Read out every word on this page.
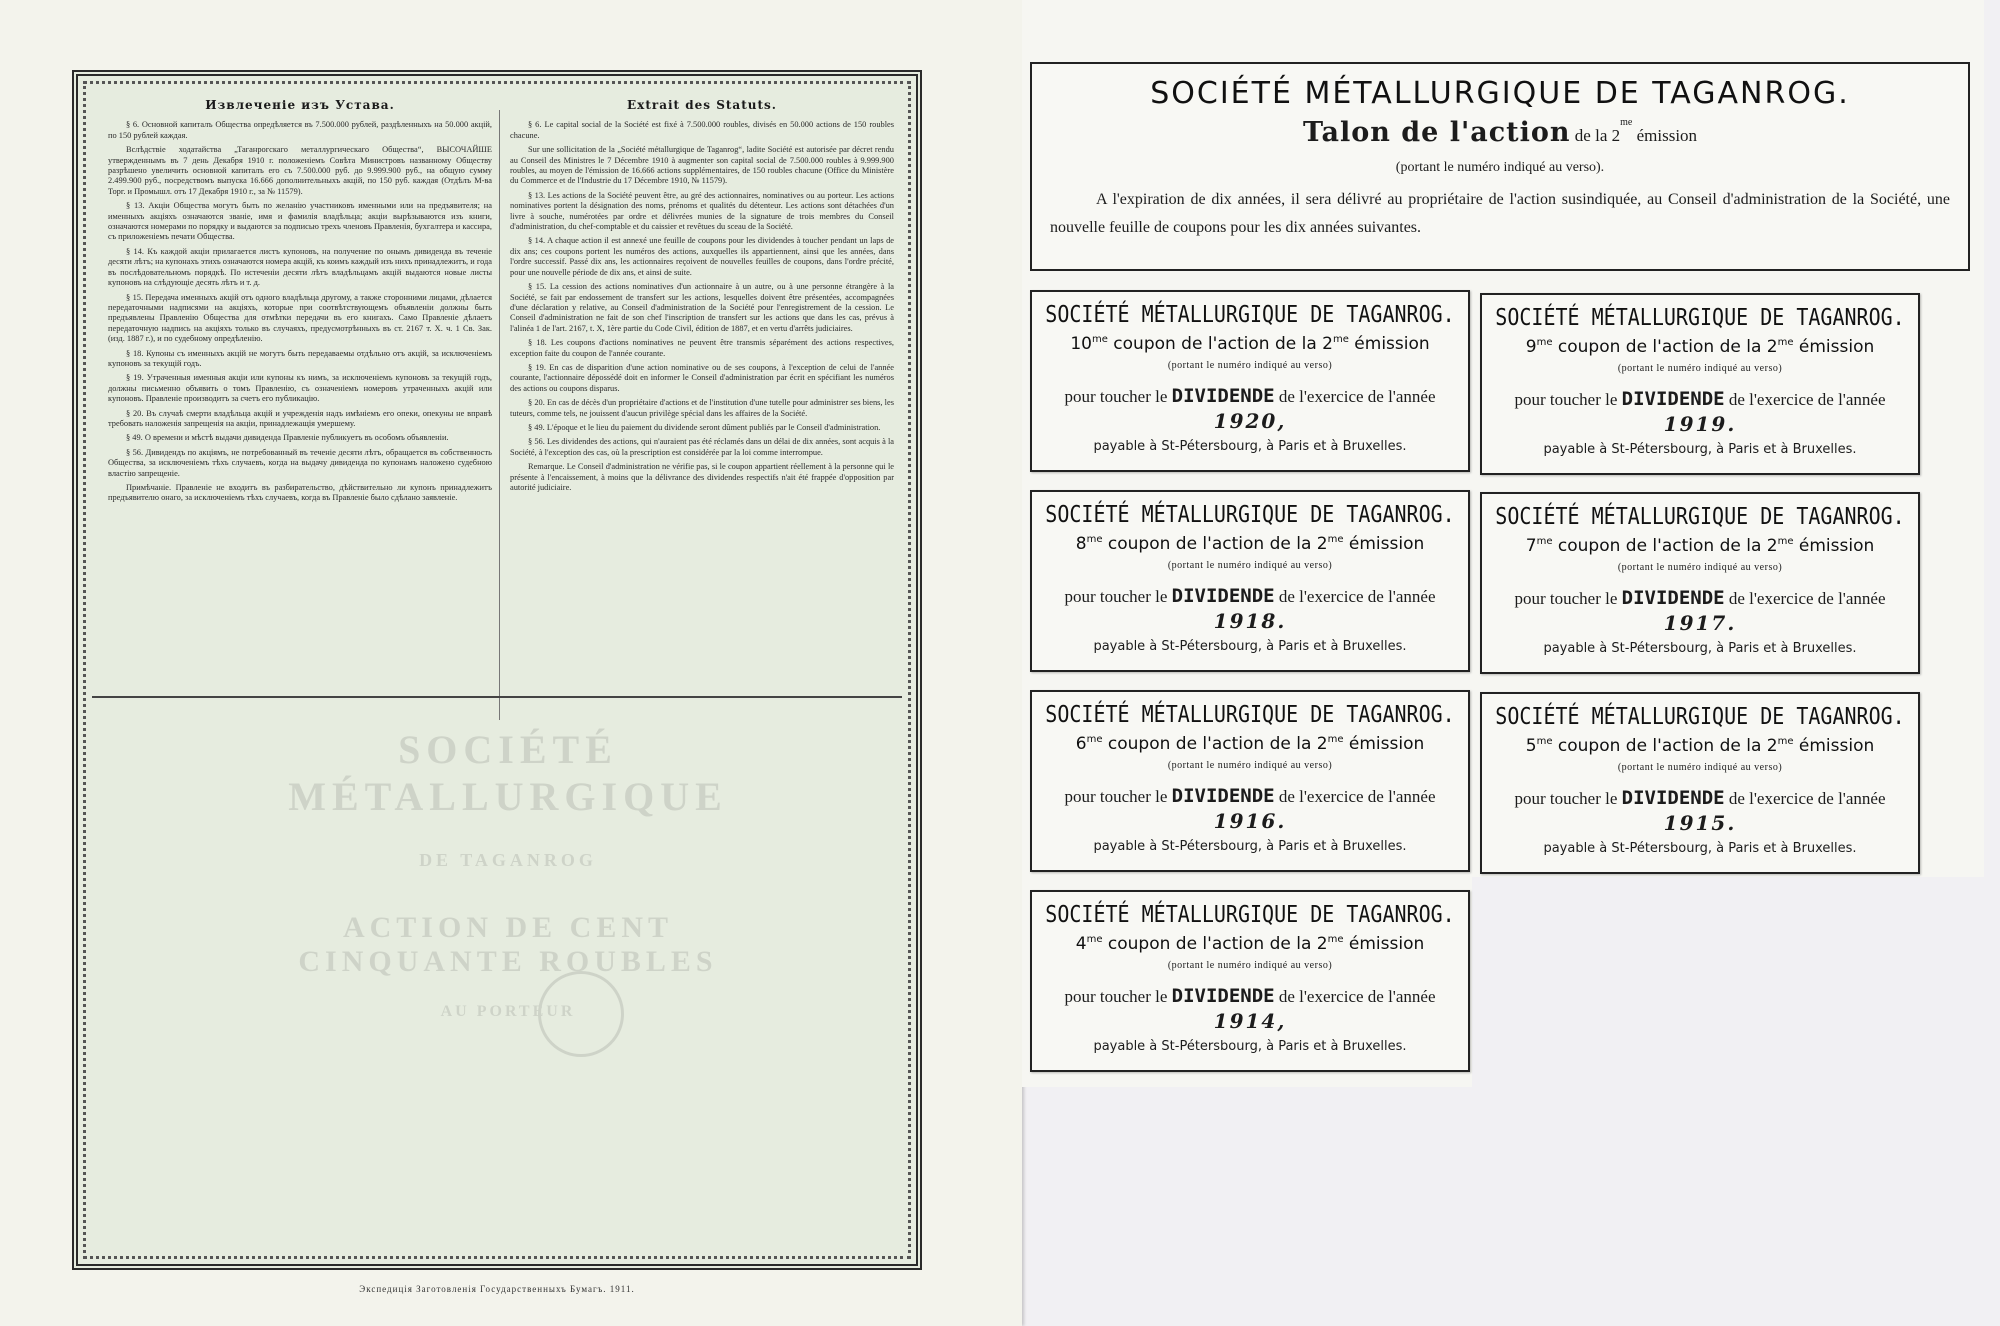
Извлеченіе изъ Устава.

§ 6. Основной капиталъ Общества опредѣляется въ 7.500.000 рублей, раздѣленныхъ на 50.000 акцій, по 150 рублей каждая.

Вслѣдствіе ходатайства „Таганрогскаго металлургическаго Общества“, ВЫСОЧАЙШЕ утвержденнымъ въ 7 день Декабря 1910 г. положеніемъ Совѣта Министровъ названному Обществу разрѣшено увеличить основной капиталъ его съ 7.500.000 руб. до 9.999.900 руб., на общую сумму 2.499.900 руб., посредствомъ выпуска 16.666 дополнительныхъ акцій, по 150 руб. каждая (Отдѣлъ М-ва Торг. и Промышл. отъ 17 Декабря 1910 г., за № 11579).

§ 13. Акціи Общества могутъ быть по желанію участниковъ именными или на предъявителя; на именныхъ акціяхъ означаются званіе, имя и фамилія владѣльца; акціи вырѣзываются изъ книги, означаются номерами по порядку и выдаются за подписью трехъ членовъ Правленія, бухгалтера и кассира, съ приложеніемъ печати Общества.

§ 14. Къ каждой акціи прилагается листъ купоновъ, на получение по онымъ дивиденда въ теченіе десяти лѣтъ; на купонахъ этихъ означаются номера акцій, къ коимъ каждый изъ нихъ принадлежитъ, и года въ послѣдовательномъ порядкѣ. По истеченіи десяти лѣтъ владѣльцамъ акцій выдаются новые листы купоновъ на слѣдующіе десять лѣтъ и т. д.

§ 15. Передача именныхъ акцій отъ одного владѣльца другому, а также сторонними лицами, дѣлается передаточными надписями на акціяхъ, которые при соотвѣтствующемъ объявленіи должны быть предъявлены Правленію Общества для отмѣтки передачи въ его книгахъ. Само Правленіе дѣлаетъ передаточную надпись на акціяхъ только въ случаяхъ, предусмотрѣнныхъ въ ст. 2167 т. X. ч. 1 Св. Зак. (изд. 1887 г.), и по судебному опредѣленію.

§ 18. Купоны съ именныхъ акцій не могутъ быть передаваемы отдѣльно отъ акцій, за исключеніемъ купоновъ за текущій годъ.

§ 19. Утраченныя именныя акціи или купоны къ нимъ, за исключеніемъ купоновъ за текущій годъ, должны письменно объявить о томъ Правленію, съ означеніемъ номеровъ утраченныхъ акцій или купоновъ. Правленіе производитъ за счетъ его публикацію.

§ 20. Въ случаѣ смерти владѣльца акцій и учрежденія надъ имѣніемъ его опеки, опекуны не вправѣ требовать наложенія запрещенія на акціи, принадлежащія умершему.

§ 49. О времени и мѣстѣ выдачи дивиденда Правленіе публикуетъ въ особомъ объявленіи.

§ 56. Дивидендъ по акціямъ, не потребованный въ теченіе десяти лѣтъ, обращается въ собственность Общества, за исключеніемъ тѣхъ случаевъ, когда на выдачу дивиденда по купонамъ наложено судебною властію запрещеніе.

Примѣчаніе. Правленіе не входитъ въ разбирательство, дѣйствительно ли купонъ принадлежитъ предъявителю онаго, за исключеніемъ тѣхъ случаевъ, когда въ Правленіе было сдѣлано заявленіе.

Extrait des Statuts.

§ 6. Le capital social de la Société est fixé à 7.500.000 roubles, divisés en 50.000 actions de 150 roubles chacune.

Sur une sollicitation de la „Société métallurgique de Taganrog“, ladite Société est autorisée par décret rendu au Conseil des Ministres le 7 Décembre 1910 à augmenter son capital social de 7.500.000 roubles à 9.999.900 roubles, au moyen de l'émission de 16.666 actions supplémentaires, de 150 roubles chacune (Office du Ministère du Commerce et de l'Industrie du 17 Décembre 1910, № 11579).

§ 13. Les actions de la Société peuvent être, au gré des actionnaires, nominatives ou au porteur. Les actions nominatives portent la désignation des noms, prénoms et qualités du détenteur. Les actions sont détachées d'un livre à souche, numérotées par ordre et délivrées munies de la signature de trois membres du Conseil d'administration, du chef-comptable et du caissier et revêtues du sceau de la Société.

§ 14. A chaque action il est annexé une feuille de coupons pour les dividendes à toucher pendant un laps de dix ans; ces coupons portent les numéros des actions, auxquelles ils appartiennent, ainsi que les années, dans l'ordre successif. Passé dix ans, les actionnaires reçoivent de nouvelles feuilles de coupons, dans l'ordre précité, pour une nouvelle période de dix ans, et ainsi de suite.

§ 15. La cession des actions nominatives d'un actionnaire à un autre, ou à une personne étrangère à la Société, se fait par endossement de transfert sur les actions, lesquelles doivent être présentées, accompagnées d'une déclaration y relative, au Conseil d'administration de la Société pour l'enregistrement de la cession. Le Conseil d'administration ne fait de son chef l'inscription de transfert sur les actions que dans les cas, prévus à l'alinéa 1 de l'art. 2167, t. X, 1ère partie du Code Civil, édition de 1887, et en vertu d'arrêts judiciaires.

§ 18. Les coupons d'actions nominatives ne peuvent être transmis séparément des actions respectives, exception faite du coupon de l'année courante.

§ 19. En cas de disparition d'une action nominative ou de ses coupons, à l'exception de celui de l'année courante, l'actionnaire dépossédé doit en informer le Conseil d'administration par écrit en spécifiant les numéros des actions ou coupons disparus.

§ 20. En cas de décès d'un propriétaire d'actions et de l'institution d'une tutelle pour administrer ses biens, les tuteurs, comme tels, ne jouissent d'aucun privilège spécial dans les affaires de la Société.

§ 49. L'époque et le lieu du paiement du dividende seront dûment publiés par le Conseil d'administration.

§ 56. Les dividendes des actions, qui n'auraient pas été réclamés dans un délai de dix années, sont acquis à la Société, à l'exception des cas, où la prescription est considérée par la loi comme interrompue.

Remarque. Le Conseil d'administration ne vérifie pas, si le coupon appartient réellement à la personne qui le présente à l'encaissement, à moins que la délivrance des dividendes respectifs n'ait été frappée d'opposition par autorité judiciaire.

SOCIÉTÉ MÉTALLURGIQUE
DE TAGANROG
ACTION DE CENT CINQUANTE ROUBLES
AU PORTEUR
Экспедиція Заготовленія Государственныхъ Бумагъ. 1911.
SOCIÉTÉ MÉTALLURGIQUE DE TAGANROG.
Talon de l'action de la $2^{me}$ émission
(portant le numéro indiqué au verso).
A l'expiration de dix années, il sera délivré au propriétaire de l'action susindiquée, au Conseil d'administration de la Société, une nouvelle feuille de coupons pour les dix années suivantes.
SOCIÉTÉ MÉTALLURGIQUE DE TAGANROG.
$10^{me}$ coupon de l'action de la $2^{me}$ émission
(portant le numéro indiqué au verso)
pour toucher le DIVIDENDE de l'exercice de l'année
1920,
payable à St-Pétersbourg, à Paris et à Bruxelles.
SOCIÉTÉ MÉTALLURGIQUE DE TAGANROG.
$9^{me}$ coupon de l'action de la $2^{me}$ émission
(portant le numéro indiqué au verso)
pour toucher le DIVIDENDE de l'exercice de l'année
1919.
payable à St-Pétersbourg, à Paris et à Bruxelles.
SOCIÉTÉ MÉTALLURGIQUE DE TAGANROG.
$8^{me}$ coupon de l'action de la $2^{me}$ émission
(portant le numéro indiqué au verso)
pour toucher le DIVIDENDE de l'exercice de l'année
1918.
payable à St-Pétersbourg, à Paris et à Bruxelles.
SOCIÉTÉ MÉTALLURGIQUE DE TAGANROG.
$7^{me}$ coupon de l'action de la $2^{me}$ émission
(portant le numéro indiqué au verso)
pour toucher le DIVIDENDE de l'exercice de l'année
1917.
payable à St-Pétersbourg, à Paris et à Bruxelles.
SOCIÉTÉ MÉTALLURGIQUE DE TAGANROG.
$6^{me}$ coupon de l'action de la $2^{me}$ émission
(portant le numéro indiqué au verso)
pour toucher le DIVIDENDE de l'exercice de l'année
1916.
payable à St-Pétersbourg, à Paris et à Bruxelles.
SOCIÉTÉ MÉTALLURGIQUE DE TAGANROG.
$5^{me}$ coupon de l'action de la $2^{me}$ émission
(portant le numéro indiqué au verso)
pour toucher le DIVIDENDE de l'exercice de l'année
1915.
payable à St-Pétersbourg, à Paris et à Bruxelles.
SOCIÉTÉ MÉTALLURGIQUE DE TAGANROG.
$4^{me}$ coupon de l'action de la $2^{me}$ émission
(portant le numéro indiqué au verso)
pour toucher le DIVIDENDE de l'exercice de l'année
1914,
payable à St-Pétersbourg, à Paris et à Bruxelles.
